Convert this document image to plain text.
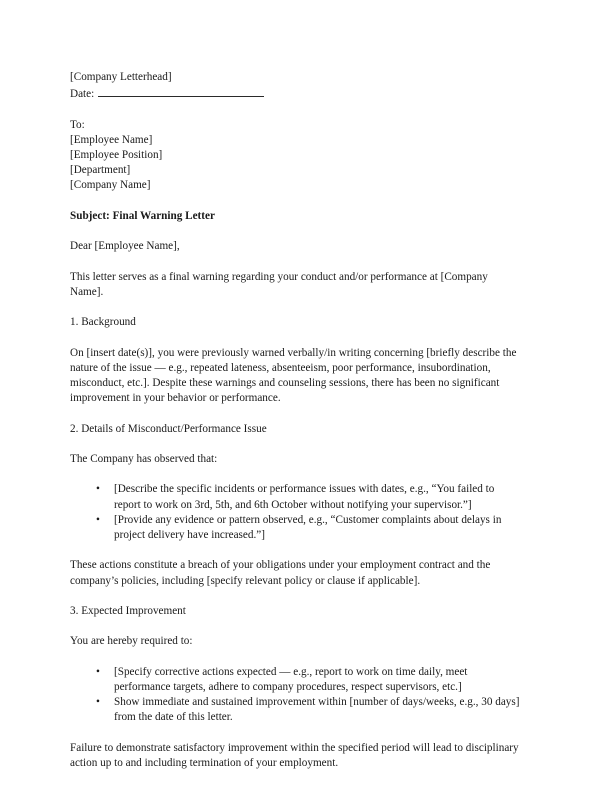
[Company Letterhead]
Date:
To:
[Employee Name]
[Employee Position]
[Department]
[Company Name]
Subject: Final Warning Letter

Dear [Employee Name],

This letter serves as a final warning regarding your conduct and/or performance at [Company Name].

1. Background

On [insert date(s)], you were previously warned verbally/in writing concerning [briefly describe the nature of the issue — e.g., repeated lateness, absenteeism, poor performance, insubordination, misconduct, etc.]. Despite these warnings and counseling sessions, there has been no significant improvement in your behavior or performance.

2. Details of Misconduct/Performance Issue

The Company has observed that:

• [Describe the specific incidents or performance issues with dates, e.g., “You failed to report to work on 3rd, 5th, and 6th October without notifying your supervisor.”]
• [Provide any evidence or pattern observed, e.g., “Customer complaints about delays in project delivery have increased.”]

These actions constitute a breach of your obligations under your employment contract and the company’s policies, including [specify relevant policy or clause if applicable].

3. Expected Improvement

You are hereby required to:

• [Specify corrective actions expected — e.g., report to work on time daily, meet performance targets, adhere to company procedures, respect supervisors, etc.]
• Show immediate and sustained improvement within [number of days/weeks, e.g., 30 days] from the date of this letter.

Failure to demonstrate satisfactory improvement within the specified period will lead to disciplinary action up to and including termination of your employment.
